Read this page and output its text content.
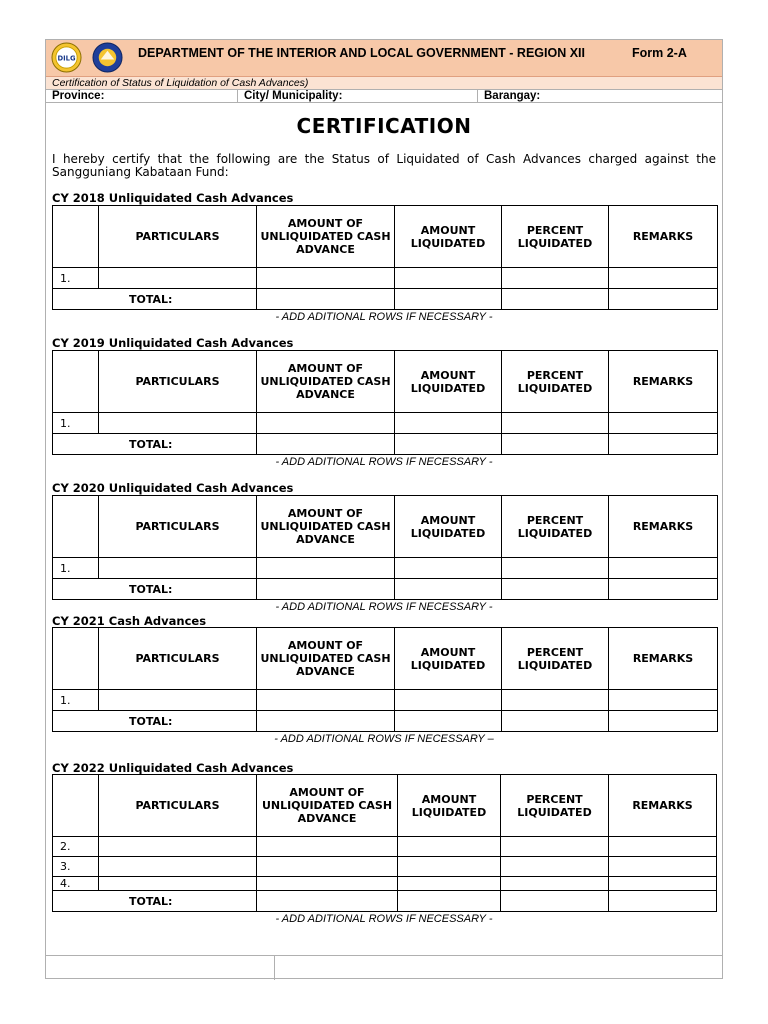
DILG	DEPARTMENT OF THE INTERIOR AND LOCAL GOVERNMENT - REGION XII	Form 2-A
Certification of Status of Liquidation of Cash Advances)
Province:	City/ Municipality:	Barangay:
CERTIFICATION
I hereby certify that the following are the Status of Liquidated of Cash Advances charged against the Sangguniang Kabataan Fund:
CY 2018 Unliquidated Cash Advances
	PARTICULARS	AMOUNT OF UNLIQUIDATED CASH ADVANCE	AMOUNT LIQUIDATED	PERCENT LIQUIDATED	REMARKS
1.					
TOTAL:					
- ADD ADITIONAL ROWS IF NECESSARY -
CY 2019 Unliquidated Cash Advances
	PARTICULARS	AMOUNT OF UNLIQUIDATED CASH ADVANCE	AMOUNT LIQUIDATED	PERCENT LIQUIDATED	REMARKS
1.					
TOTAL:					
- ADD ADITIONAL ROWS IF NECESSARY -
CY 2020 Unliquidated Cash Advances
	PARTICULARS	AMOUNT OF UNLIQUIDATED CASH ADVANCE	AMOUNT LIQUIDATED	PERCENT LIQUIDATED	REMARKS
1.					
TOTAL:					
- ADD ADITIONAL ROWS IF NECESSARY -
CY 2021 Cash Advances
	PARTICULARS	AMOUNT OF UNLIQUIDATED CASH ADVANCE	AMOUNT LIQUIDATED	PERCENT LIQUIDATED	REMARKS
1.					
TOTAL:					
- ADD ADITIONAL ROWS IF NECESSARY –
CY 2022 Unliquidated Cash Advances
	PARTICULARS	AMOUNT OF UNLIQUIDATED CASH ADVANCE	AMOUNT LIQUIDATED	PERCENT LIQUIDATED	REMARKS
2.					
3.					
4.					
TOTAL:					
- ADD ADITIONAL ROWS IF NECESSARY -
